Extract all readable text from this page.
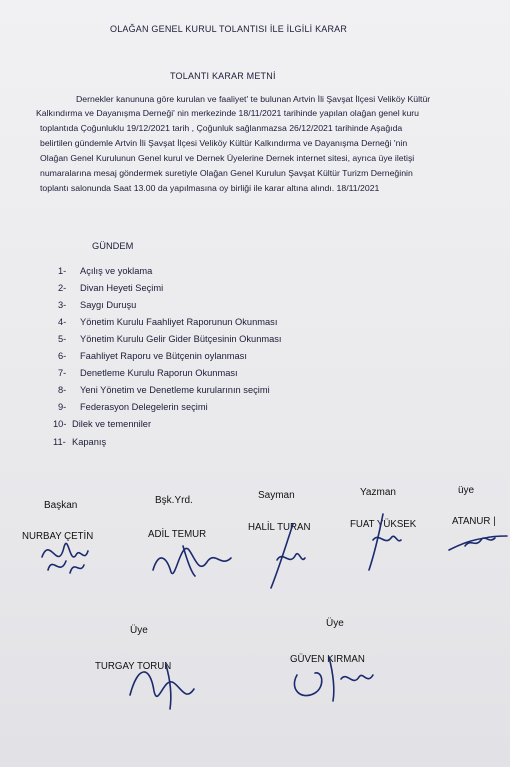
OLAĞAN GENEL KURUL TOLANTISI İLE İLGİLİ KARAR
TOLANTI KARAR METNİ
Dernekler kanununa göre kurulan ve faaliyet' te bulunan Artvin İli Şavşat İlçesi Veliköy Kültür
Kalkındırma ve Dayanışma Derneği' nin merkezinde 18/11/2021 tarihinde yapılan olağan genel kuru
toplantıda Çoğunluklu 19/12/2021 tarih , Çoğunluk sağlanmazsa 26/12/2021 tarihinde Aşağıda
belirtilen gündemle Artvin İli Şavşat İlçesi Veliköy Kültür Kalkındırma ve Dayanışma Derneği 'nin
Olağan Genel Kurulunun Genel kurul ve Dernek Üyelerine Dernek internet sitesi, ayrıca üye iletişi
numaralarına mesaj göndermek suretiyle Olağan Genel Kurulun Şavşat Kültür Turizm Derneğinin
toplantı salonunda Saat 13.00 da yapılmasına oy birliği ile karar altına alındı. 18/11/2021
GÜNDEM
1- Açılış ve yoklama
2- Divan Heyeti Seçimi
3- Saygı Duruşu
4- Yönetim Kurulu Faahliyet Raporunun Okunması
5- Yönetim Kurulu Gelir Gider Bütçesinin Okunması
6- Faahliyet Raporu ve Bütçenin oylanması
7- Denetleme Kurulu Raporun Okunması
8- Yeni Yönetim ve Denetleme kurularının seçimi
9- Federasyon Delegelerin seçimi
10- Dilek ve temenniler
11- Kapanış
Başkan
NURBAY ÇETİN
Bşk.Yrd.
ADİL TEMUR
Sayman
HALİL TURAN
Yazman
FUAT YÜKSEK
üye
ATANUR |
Üye
TURGAY TORUN
Üye
GÜVEN KIRMAN
